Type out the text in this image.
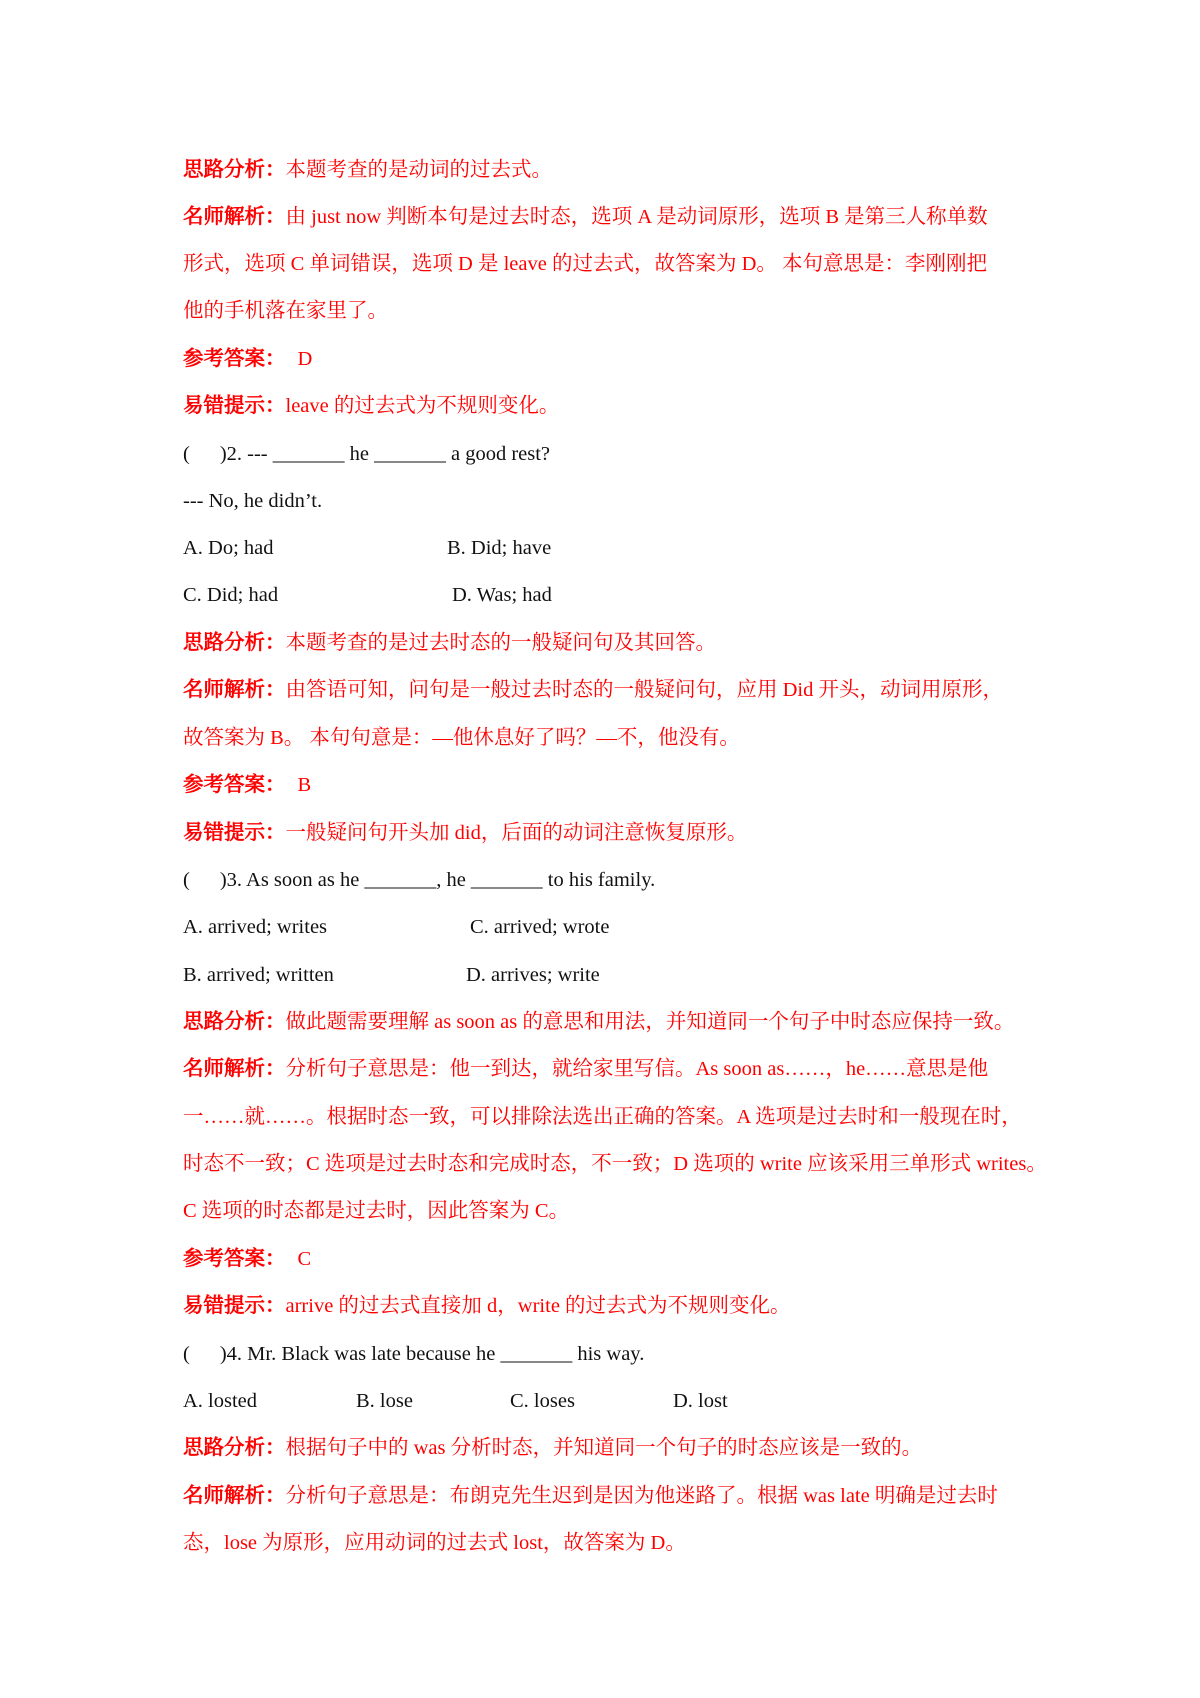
思路分析：本题考查的是动词的过去式。
名师解析：由 just now 判断本句是过去时态，选项 A 是动词原形，选项 B 是第三人称单数
形式，选项 C 单词错误，选项 D 是 leave 的过去式，故答案为 D。 本句意思是：李刚刚把
他的手机落在家里了。
参考答案： D
易错提示：leave 的过去式为不规则变化。
( )2. --- _______ he _______ a good rest?
--- No, he didn’t.
A. Do; had	B. Did; have
C. Did; had	D. Was; had
思路分析：本题考查的是过去时态的一般疑问句及其回答。
名师解析：由答语可知，问句是一般过去时态的一般疑问句，应用 Did 开头，动词用原形，
故答案为 B。 本句句意是：—他休息好了吗？—不，他没有。
参考答案： B
易错提示：一般疑问句开头加 did，后面的动词注意恢复原形。
( )3. As soon as he _______, he _______ to his family.
A. arrived; writes	C. arrived; wrote
B. arrived; written	D. arrives; write
思路分析：做此题需要理解 as soon as 的意思和用法，并知道同一个句子中时态应保持一致。
名师解析：分析句子意思是：他一到达，就给家里写信。As soon as……，he……意思是他
一……就……。根据时态一致，可以排除法选出正确的答案。A 选项是过去时和一般现在时，
时态不一致；C 选项是过去时态和完成时态，不一致；D 选项的 write 应该采用三单形式 writes。
C 选项的时态都是过去时，因此答案为 C。
参考答案： C
易错提示：arrive 的过去式直接加 d，write 的过去式为不规则变化。
( )4. Mr. Black was late because he _______ his way.
A. losted	B. lose	C. loses	D. lost
思路分析：根据句子中的 was 分析时态，并知道同一个句子的时态应该是一致的。
名师解析：分析句子意思是：布朗克先生迟到是因为他迷路了。根据 was late 明确是过去时
态，lose 为原形，应用动词的过去式 lost，故答案为 D。
